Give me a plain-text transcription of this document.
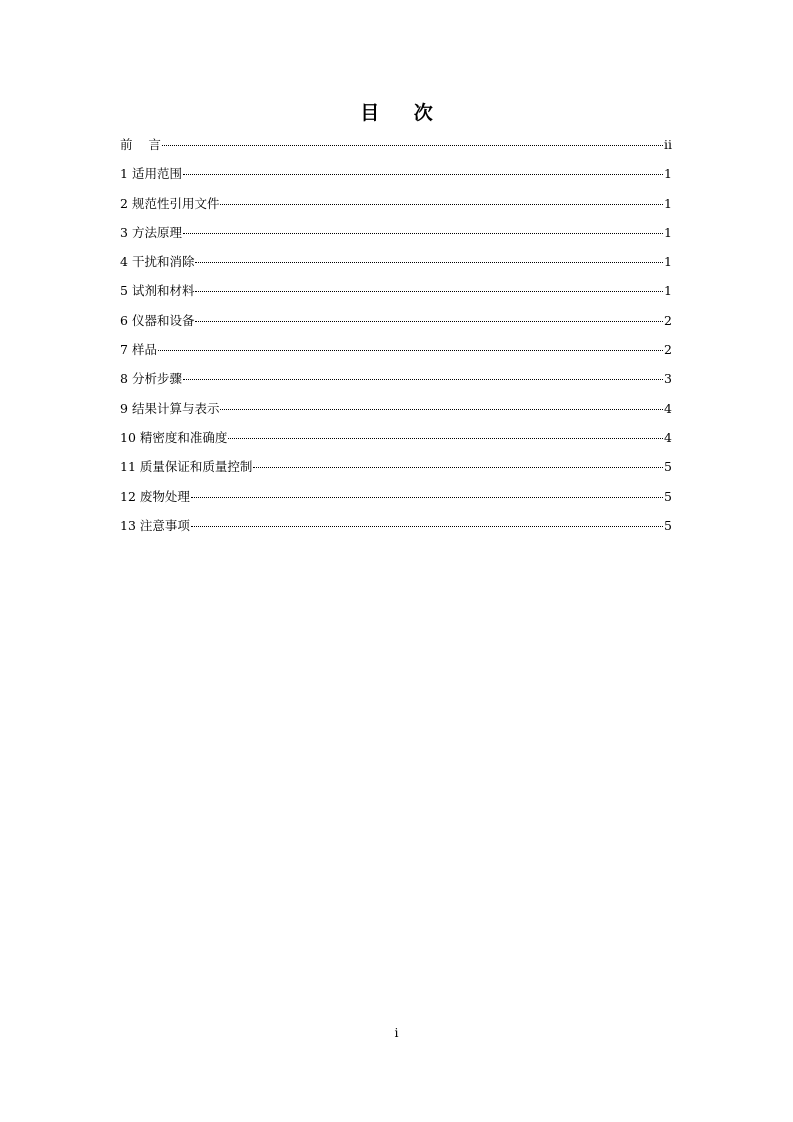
目 次
前    言	ii
1 适用范围	1
2 规范性引用文件	1
3 方法原理	1
4 干扰和消除	1
5 试剂和材料	1
6 仪器和设备	2
7 样品	2
8 分析步骤	3
9 结果计算与表示	4
10 精密度和准确度	4
11 质量保证和质量控制	5
12 废物处理	5
13 注意事项	5
i
